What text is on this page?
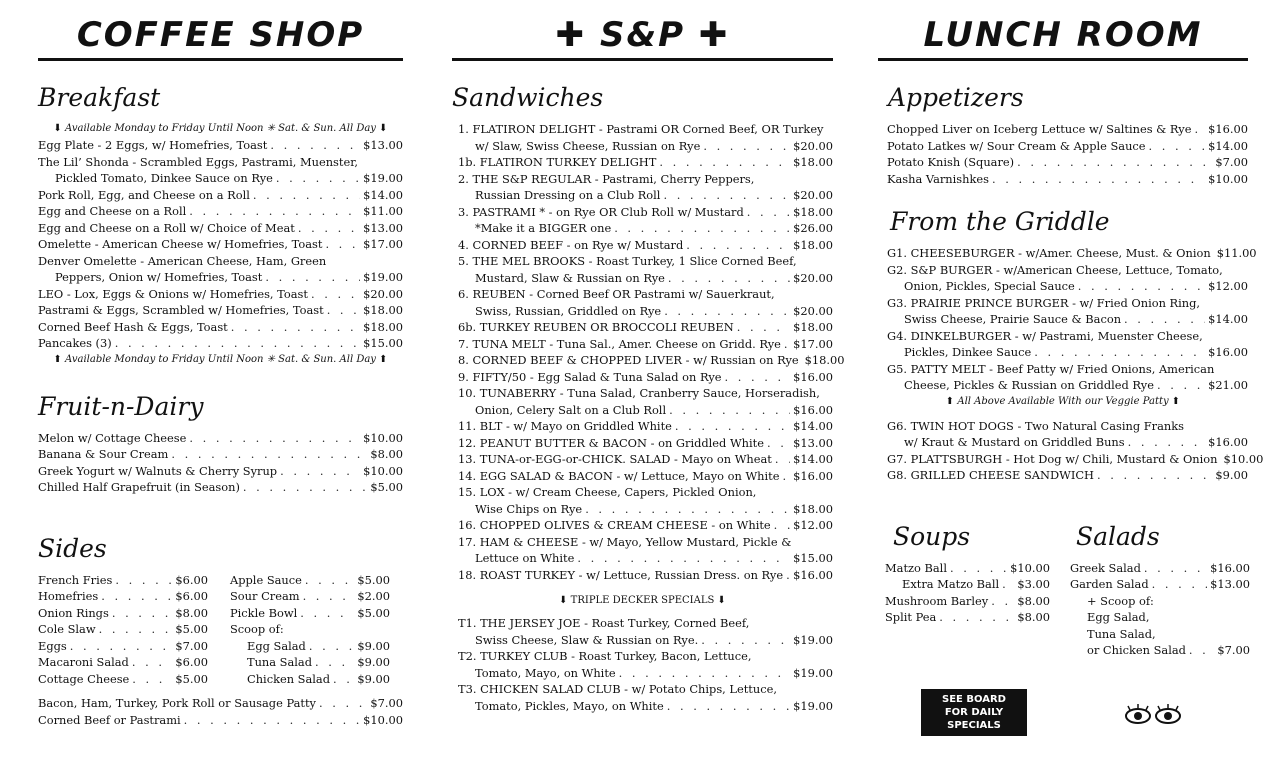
COFFEE SHOP
Breakfast
⬇ Available Monday to Friday Until Noon ✳ Sat. & Sun. All Day ⬇
Egg Plate - 2 Eggs, w/ Homefries, Toast . . .	$13.00
The Lil’ Shonda - Scrambled Eggs, Pastrami, Muenster,
Pickled Tomato, Dinkee Sauce on Rye . . .	$19.00
Pork Roll, Egg, and Cheese on a Roll . . .	$14.00
Egg and Cheese on a Roll . . .	$11.00
Egg and Cheese on a Roll w/ Choice of Meat . . .	$13.00
Omelette - American Cheese w/ Homefries, Toast . . .	$17.00
Denver Omelette - American Cheese, Ham, Green
Peppers, Onion w/ Homefries, Toast . . .	$19.00
LEO - Lox, Eggs & Onions w/ Homefries, Toast . . .	$20.00
Pastrami & Eggs, Scrambled w/ Homefries, Toast . . .	$18.00
Corned Beef Hash & Eggs, Toast . . .	$18.00
Pancakes (3) . . .	$15.00
⬆ Available Monday to Friday Until Noon ✳ Sat. & Sun. All Day ⬆
Fruit-n-Dairy
Melon w/ Cottage Cheese . . .	$10.00
Banana & Sour Cream . . .	$8.00
Greek Yogurt w/ Walnuts & Cherry Syrup . . .	$10.00
Chilled Half Grapefruit (in Season) . . .	$5.00
Sides
French Fries . . .	$6.00
Homefries . . .	$6.00
Onion Rings . . .	$8.00
Cole Slaw . . .	$5.00
Eggs . . .	$7.00
Macaroni Salad . . .	$6.00
Cottage Cheese . . .	$5.00
Apple Sauce . . .	$5.00
Sour Cream . . .	$2.00
Pickle Bowl . . .	$5.00
Scoop of:
Egg Salad . . .	$9.00
Tuna Salad . . .	$9.00
Chicken Salad . . . $9.00
Bacon, Ham, Turkey, Pork Roll or Sausage Patty . . .	$7.00
Corned Beef or Pastrami . . .	$10.00
✚ S&P ✚
Sandwiches
1. FLATIRON DELIGHT - Pastrami OR Corned Beef, OR Turkey
w/ Slaw, Swiss Cheese, Russian on Rye . . .	$20.00
1b. FLATIRON TURKEY DELIGHT . . .	$18.00
2. THE S&P REGULAR - Pastrami, Cherry Peppers,
Russian Dressing on a Club Roll . . .	$20.00
3. PASTRAMI * - on Rye OR Club Roll w/ Mustard . . .	$18.00
*Make it a BIGGER one . . .	$26.00
4. CORNED BEEF - on Rye w/ Mustard . . .	$18.00
5. THE MEL BROOKS - Roast Turkey, 1 Slice Corned Beef,
Mustard, Slaw & Russian on Rye . . .	$20.00
6. REUBEN - Corned Beef OR Pastrami w/ Sauerkraut,
Swiss, Russian, Griddled on Rye . . .	$20.00
6b. TURKEY REUBEN OR BROCCOLI REUBEN . . .	$18.00
7. TUNA MELT - Tuna Sal., Amer. Cheese on Gridd. Rye . . . $17.00
8. CORNED BEEF & CHOPPED LIVER - w/ Russian on Rye $18.00
9. FIFTY/50 - Egg Salad & Tuna Salad on Rye . . .	$16.00
10. TUNABERRY - Tuna Salad, Cranberry Sauce, Horseradish,
Onion, Celery Salt on a Club Roll . . .	$16.00
11. BLT - w/ Mayo on Griddled White . . .	$14.00
12. PEANUT BUTTER & BACON - on Griddled White . . .	$13.00
13. TUNA-or-EGG-or-CHICK. SALAD - Mayo on Wheat . . . $14.00
14. EGG SALAD & BACON - w/ Lettuce, Mayo on White . . . $16.00
15. LOX - w/ Cream Cheese, Capers, Pickled Onion,
Wise Chips on Rye . . .	$18.00
16. CHOPPED OLIVES & CREAM CHEESE - on White . . . $12.00
17. HAM & CHEESE - w/ Mayo, Yellow Mustard, Pickle &
Lettuce on White . . .	$15.00
18. ROAST TURKEY - w/ Lettuce, Russian Dress. on Rye . . . $16.00
⬇ TRIPLE DECKER SPECIALS ⬇
T1. THE JERSEY JOE - Roast Turkey, Corned Beef,
Swiss Cheese, Slaw & Russian on Rye. . . .	$19.00
T2. TURKEY CLUB - Roast Turkey, Bacon, Lettuce,
Tomato, Mayo, on White . . .	$19.00
T3. CHICKEN SALAD CLUB - w/ Potato Chips, Lettuce,
Tomato, Pickles, Mayo, on White . . .	$19.00
LUNCH ROOM
Appetizers
Chopped Liver on Iceberg Lettuce w/ Saltines & Rye . . . $16.00
Potato Latkes w/ Sour Cream & Apple Sauce . . .	$14.00
Potato Knish (Square) . . .	$7.00
Kasha Varnishkes . . .	$10.00
From the Griddle
G1. CHEESEBURGER - w/Amer. Cheese, Must. & Onion $11.00
G2. S&P BURGER - w/American Cheese, Lettuce, Tomato,
Onion, Pickles, Special Sauce . . .	$12.00
G3. PRAIRIE PRINCE BURGER - w/ Fried Onion Ring,
Swiss Cheese, Prairie Sauce & Bacon . . .	$14.00
G4. DINKELBURGER - w/ Pastrami, Muenster Cheese,
Pickles, Dinkee Sauce . . .	$16.00
G5. PATTY MELT - Beef Patty w/ Fried Onions, American
Cheese, Pickles & Russian on Griddled Rye . . .	$21.00
⬆ All Above Available With our Veggie Patty ⬆
G6. TWIN HOT DOGS - Two Natural Casing Franks
w/ Kraut & Mustard on Griddled Buns . . .	$16.00
G7. PLATTSBURGH - Hot Dog w/ Chili, Mustard & Onion $10.00
G8. GRILLED CHEESE SANDWICH . . .	$9.00
Soups
Matzo Ball . . .	$10.00
Extra Matzo Ball . . . $3.00
Mushroom Barley . . .	$8.00
Split Pea . . .	$8.00
Salads
Greek Salad . . .	$16.00
Garden Salad . . .	$13.00
+ Scoop of:
Egg Salad,
Tuna Salad,
or Chicken Salad . . .	$7.00
SEE BOARD FOR DAILY SPECIALS
